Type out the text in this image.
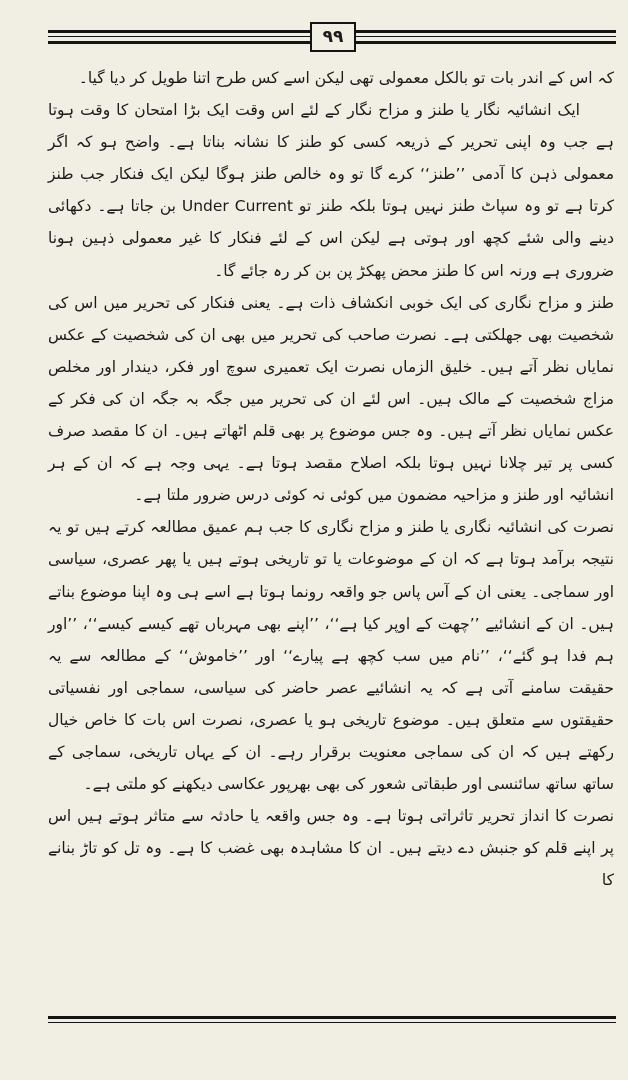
۹۹

کہ اس کے اندر بات تو بالکل معمولی تھی لیکن اسے کس طرح اتنا طویل کر دیا گیا۔

ایک انشائیہ نگار یا طنز و مزاح نگار کے لئے اس وقت ایک بڑا امتحان کا وقت ہوتا ہے جب وہ اپنی تحریر کے ذریعہ کسی کو طنز کا نشانہ بناتا ہے۔ واضح ہو کہ اگر معمولی ذہن کا آدمی ’’طنز‘‘ کرے گا تو وہ خالص طنز ہوگا لیکن ایک فنکار جب طنز کرتا ہے تو وہ سپاٹ طنز نہیں ہوتا بلکہ طنز تو Under Current بن جاتا ہے۔ دکھائی دینے والی شئے کچھ اور ہوتی ہے لیکن اس کے لئے فنکار کا غیر معمولی ذہین ہونا ضروری ہے ورنہ اس کا طنز محض پھکڑ پن بن کر رہ جائے گا۔

طنز و مزاح نگاری کی ایک خوبی انکشاف ذات ہے۔ یعنی فنکار کی تحریر میں اس کی شخصیت بھی جھلکتی ہے۔ نصرت صاحب کی تحریر میں بھی ان کی شخصیت کے عکس نمایاں نظر آتے ہیں۔ خلیق الزماں نصرت ایک تعمیری سوچ اور فکر، دیندار اور مخلص مزاج شخصیت کے مالک ہیں۔ اس لئے ان کی تحریر میں جگہ بہ جگہ ان کی فکر کے عکس نمایاں نظر آتے ہیں۔ وہ جس موضوع پر بھی قلم اٹھاتے ہیں۔ ان کا مقصد صرف کسی پر تیر چلانا نہیں ہوتا بلکہ اصلاح مقصد ہوتا ہے۔ یہی وجہ ہے کہ ان کے ہر انشائیہ اور طنز و مزاحیہ مضمون میں کوئی نہ کوئی درس ضرور ملتا ہے۔

نصرت کی انشائیہ نگاری یا طنز و مزاح نگاری کا جب ہم عمیق مطالعہ کرتے ہیں تو یہ نتیجہ برآمد ہوتا ہے کہ ان کے موضوعات یا تو تاریخی ہوتے ہیں یا پھر عصری، سیاسی اور سماجی۔ یعنی ان کے آس پاس جو واقعہ رونما ہوتا ہے اسے ہی وہ اپنا موضوع بناتے ہیں۔ ان کے انشائیے ’’چھت کے اوپر کیا ہے‘‘، ’’اپنے بھی مہرباں تھے کیسے کیسے‘‘، ’’اور ہم فدا ہو گئے‘‘، ’’نام میں سب کچھ ہے پیارے‘‘ اور ’’خاموش‘‘ کے مطالعہ سے یہ حقیقت سامنے آتی ہے کہ یہ انشائیے عصر حاضر کی سیاسی، سماجی اور نفسیاتی حقیقتوں سے متعلق ہیں۔ موضوع تاریخی ہو یا عصری، نصرت اس بات کا خاص خیال رکھتے ہیں کہ ان کی سماجی معنویت برقرار رہے۔ ان کے یہاں تاریخی، سماجی کے ساتھ ساتھ سائنسی اور طبقاتی شعور کی بھی بھرپور عکاسی دیکھنے کو ملتی ہے۔

نصرت کا انداز تحریر تاثراتی ہوتا ہے۔ وہ جس واقعہ یا حادثہ سے متاثر ہوتے ہیں اس پر اپنے قلم کو جنبش دے دیتے ہیں۔ ان کا مشاہدہ بھی غضب کا ہے۔ وہ تل کو تاڑ بنانے کا
